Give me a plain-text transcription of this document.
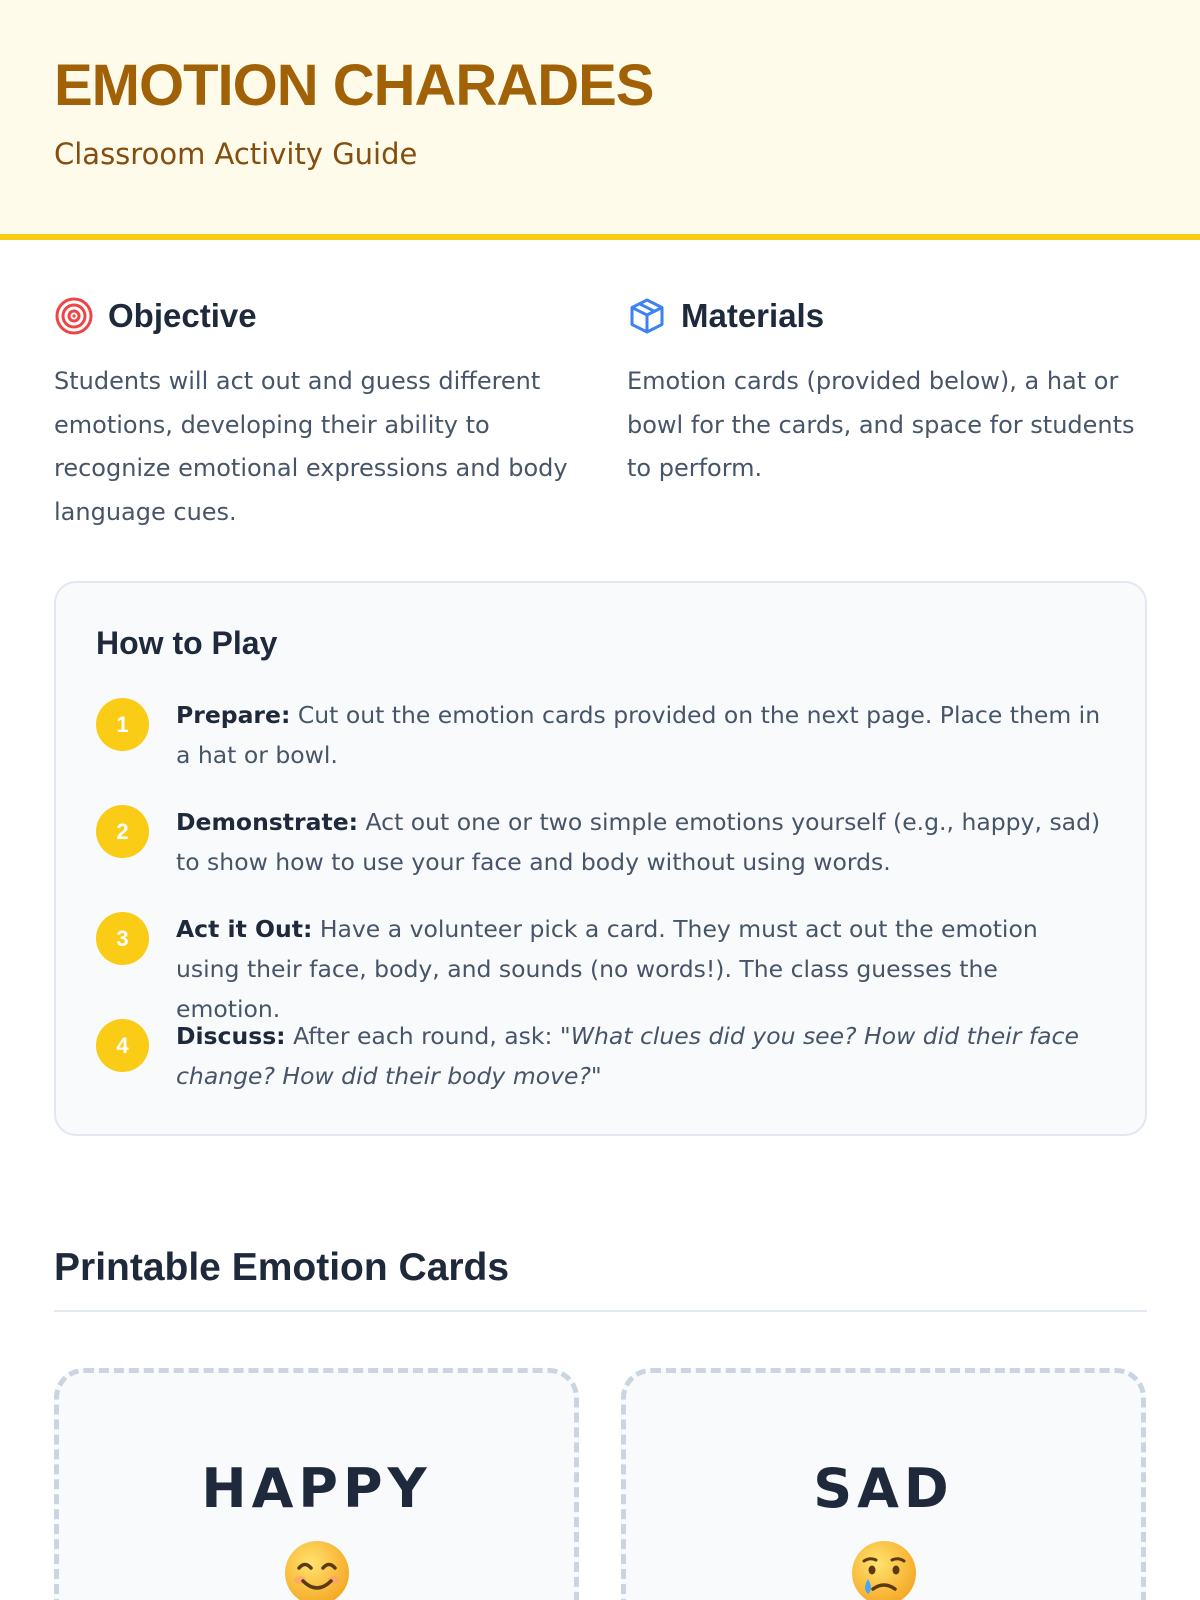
EMOTION CHARADES
Classroom Activity Guide
Objective

Students will act out and guess different emotions, developing their ability to recognize emotional expressions and body language cues.

Materials

Emotion cards (provided below), a hat or bowl for the cards, and space for students to perform.

How to Play
1	Prepare: Cut out the emotion cards provided on the next page. Place them in a hat or bowl.

2	Demonstrate: Act out one or two simple emotions yourself (e.g., happy, sad) to show how to use your face and body without using words.

3	Act it Out: Have a volunteer pick a card. They must act out the emotion using their face, body, and sounds (no words!). The class guesses the emotion.

4	Discuss: After each round, ask: "What clues did you see? How did their face change? How did their body move?"

Printable Emotion Cards
HAPPY	SAD
